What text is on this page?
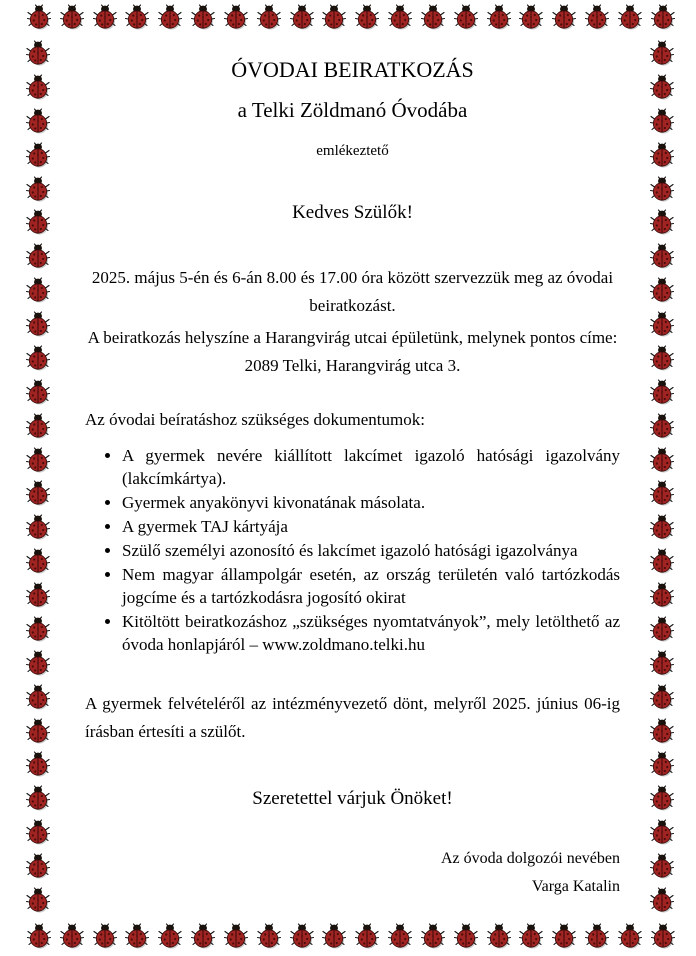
ÓVODAI BEIRATKOZÁS
a Telki Zöldmanó Óvodába
emlékeztető
Kedves Szülők!

2025. május 5-én és 6-án 8.00 és 17.00 óra között szervezzük meg az óvodai beiratkozást.

A beiratkozás helyszíne a Harangvirág utcai épületünk, melynek pontos címe: 2089 Telki, Harangvirág utca 3.

Az óvodai beíratáshoz szükséges dokumentumok:
• A gyermek nevére kiállított lakcímet igazoló hatósági igazolvány (lakcímkártya).
• Gyermek anyakönyvi kivonatának másolata.
• A gyermek TAJ kártyája
• Szülő személyi azonosító és lakcímet igazoló hatósági igazolványa
• Nem magyar állampolgár esetén, az ország területén való tartózkodás jogcíme és a tartózkodásra jogosító okirat
• Kitöltött beiratkozáshoz „szükséges nyomtatványok”, mely letölthető az óvoda honlapjáról – www.zoldmano.telki.hu

A gyermek felvételéről az intézményvezető dönt, melyről 2025. június 06-ig írásban értesíti a szülőt.

Szeretettel várjuk Önöket!
Az óvoda dolgozói nevében
Varga Katalin
